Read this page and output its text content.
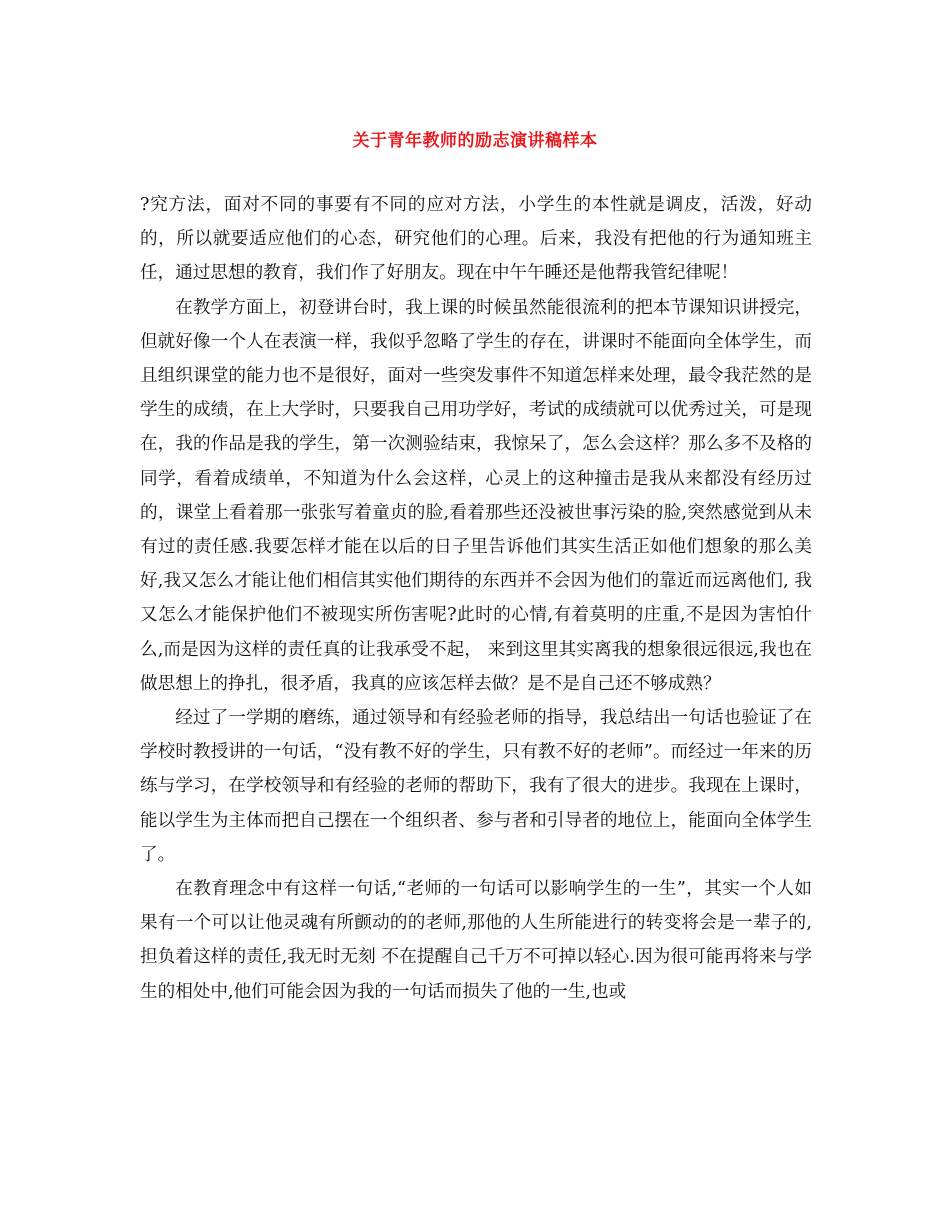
关于青年教师的励志演讲稿样本

?究方法，面对不同的事要有不同的应对方法，小学生的本性就是调皮，活泼，好动的，所以就要适应他们的心态，研究他们的心理。后来，我没有把他的行为通知班主任，通过思想的教育，我们作了好朋友。现在中午午睡还是他帮我管纪律呢！

在教学方面上，初登讲台时，我上课的时候虽然能很流利的把本节课知识讲授完，但就好像一个人在表演一样，我似乎忽略了学生的存在，讲课时不能面向全体学生，而且组织课堂的能力也不是很好，面对一些突发事件不知道怎样来处理，最令我茫然的是学生的成绩，在上大学时，只要我自己用功学好，考试的成绩就可以优秀过关，可是现在，我的作品是我的学生，第一次测验结束，我惊呆了，怎么会这样？那么多不及格的同学，看着成绩单，不知道为什么会这样，心灵上的这种撞击是我从来都没有经历过的，课堂上看着那一张张写着童贞的脸,看着那些还没被世事污染的脸,突然感觉到从未有过的责任感.我要怎样才能在以后的日子里告诉他们其实生活正如他们想象的那么美好,我又怎么才能让他们相信其实他们期待的东西并不会因为他们的靠近而远离他们, 我又怎么才能保护他们不被现实所伤害呢?此时的心情,有着莫明的庄重,不是因为害怕什么,而是因为这样的责任真的让我承受不起， 来到这里其实离我的想象很远很远,我也在做思想上的挣扎，很矛盾，我真的应该怎样去做？是不是自己还不够成熟？

经过了一学期的磨练，通过领导和有经验老师的指导，我总结出一句话也验证了在学校时教授讲的一句话，“没有教不好的学生，只有教不好的老师”。而经过一年来的历练与学习，在学校领导和有经验的老师的帮助下，我有了很大的进步。我现在上课时，能以学生为主体而把自己摆在一个组织者、参与者和引导者的地位上，能面向全体学生了。

在教育理念中有这样一句话,“老师的一句话可以影响学生的一生”，其实一个人如果有一个可以让他灵魂有所颤动的的老师,那他的人生所能进行的转变将会是一辈子的,担负着这样的责任,我无时无刻 不在提醒自己千万不可掉以轻心.因为很可能再将来与学生的相处中,他们可能会因为我的一句话而损失了他的一生,也或
